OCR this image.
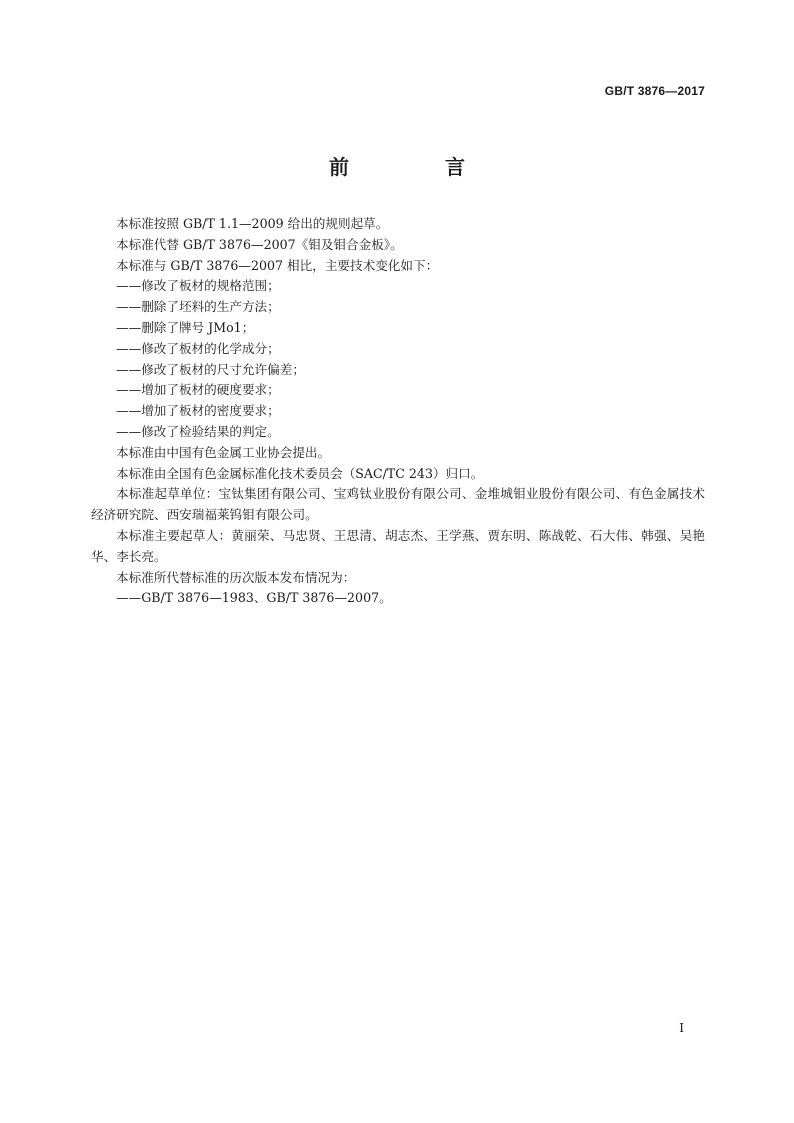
GB/T 3876—2017
前　言

本标准按照 GB/T 1.1—2009 给出的规则起草。

本标准代替 GB/T 3876—2007《钼及钼合金板》。

本标准与 GB/T 3876—2007 相比，主要技术变化如下：

——修改了板材的规格范围；

——删除了坯料的生产方法；

——删除了牌号 JMo1；

——修改了板材的化学成分；

——修改了板材的尺寸允许偏差；

——增加了板材的硬度要求；

——增加了板材的密度要求；

——修改了检验结果的判定。

本标准由中国有色金属工业协会提出。

本标准由全国有色金属标准化技术委员会（SAC/TC 243）归口。

本标准起草单位：宝钛集团有限公司、宝鸡钛业股份有限公司、金堆城钼业股份有限公司、有色金属技术经济研究院、西安瑞福莱钨钼有限公司。

本标准主要起草人：黄丽荣、马忠贤、王思清、胡志杰、王学燕、贾东明、陈战乾、石大伟、韩强、吴艳华、李长亮。

本标准所代替标准的历次版本发布情况为：

——GB/T 3876—1983、GB/T 3876—2007。

I
